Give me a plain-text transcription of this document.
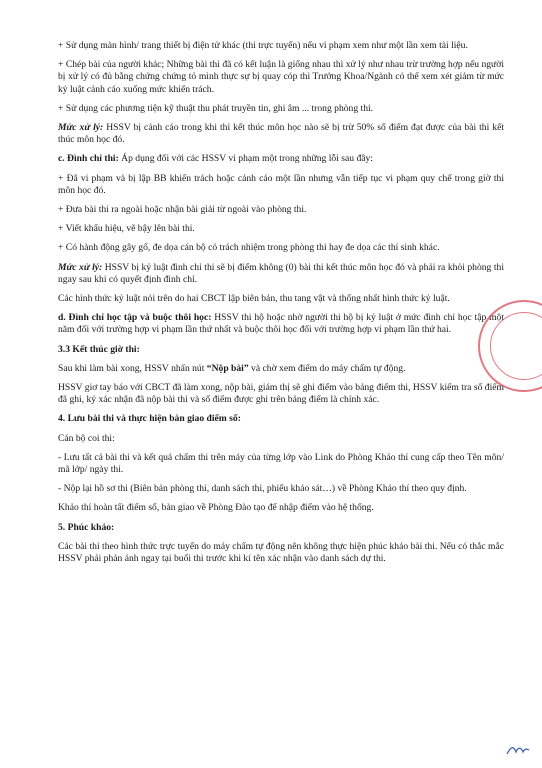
+ Sử dụng màn hình/ trang thiết bị điện tử khác (thi trực tuyến) nếu vi phạm xem như một lần xem tài liệu.

+ Chép bài của người khác; Những bài thi đã có kết luận là giống nhau thì xử lý như nhau trừ trường hợp nếu người bị xử lý có đủ bằng chứng chứng tỏ mình thực sự bị quay cóp thì Trưởng Khoa/Ngành có thể xem xét giảm từ mức kỷ luật cảnh cáo xuống mức khiển trách.

+ Sử dụng các phương tiện kỹ thuật thu phát truyền tin, ghi âm ... trong phòng thi.

Mức xử lý: HSSV bị cảnh cáo trong khi thi kết thúc môn học nào sẽ bị trừ 50% số điểm đạt được của bài thi kết thúc môn học đó.

c. Đình chỉ thi: Áp dụng đối với các HSSV vi phạm một trong những lỗi sau đây:

+ Đã vi phạm và bị lập BB khiển trách hoặc cảnh cáo một lần nhưng vẫn tiếp tục vi phạm quy chế trong giờ thi môn học đó.

+ Đưa bài thi ra ngoài hoặc nhận bài giải từ ngoài vào phòng thi.

+ Viết khẩu hiệu, vẽ bậy lên bài thi.

+ Có hành động gây gổ, đe dọa cán bộ có trách nhiệm trong phòng thi hay đe dọa các thí sinh khác.

Mức xử lý: HSSV bị kỷ luật đình chỉ thi sẽ bị điểm không (0) bài thi kết thúc môn học đó và phải ra khỏi phòng thi ngay sau khi có quyết định đình chỉ.

Các hình thức kỷ luật nói trên do hai CBCT lập biên bản, thu tang vật và thống nhất hình thức kỷ luật.

d. Đình chỉ học tập và buộc thôi học: HSSV thi hộ hoặc nhờ người thi hộ bị kỷ luật ở mức đình chỉ học tập một năm đối với trường hợp vi phạm lần thứ nhất và buộc thôi học đối với trường hợp vi phạm lần thứ hai.

3.3 Kết thúc giờ thi:

Sau khi làm bài xong, HSSV nhấn nút “Nộp bài” và chờ xem điểm do máy chấm tự động.

HSSV giơ tay báo với CBCT đã làm xong, nộp bài, giám thị sẽ ghi điểm vào bảng điểm thi, HSSV kiểm tra số điểm đã ghi, ký xác nhận đã nộp bài thi và số điểm được ghi trên bảng điểm là chính xác.

4. Lưu bài thi và thực hiện bàn giao điểm số:

Cán bộ coi thi:

- Lưu tất cả bài thi và kết quả chấm thi trên máy của từng lớp vào Link do Phòng Khảo thí cung cấp theo Tên môn/ mã lớp/ ngày thi.

- Nộp lại hồ sơ thi (Biên bản phòng thi, danh sách thi, phiếu khảo sát…) về Phòng Khảo thí theo quy định.

Khảo thí hoàn tất điểm số, bàn giao về Phòng Đào tạo để nhập điểm vào hệ thống.

5. Phúc khảo:

Các bài thi theo hình thức trực tuyến do máy chấm tự động nên không thực hiện phúc khảo bài thi. Nếu có thắc mắc HSSV phải phản ánh ngay tại buổi thi trước khi kí tên xác nhận vào danh sách dự thi.
